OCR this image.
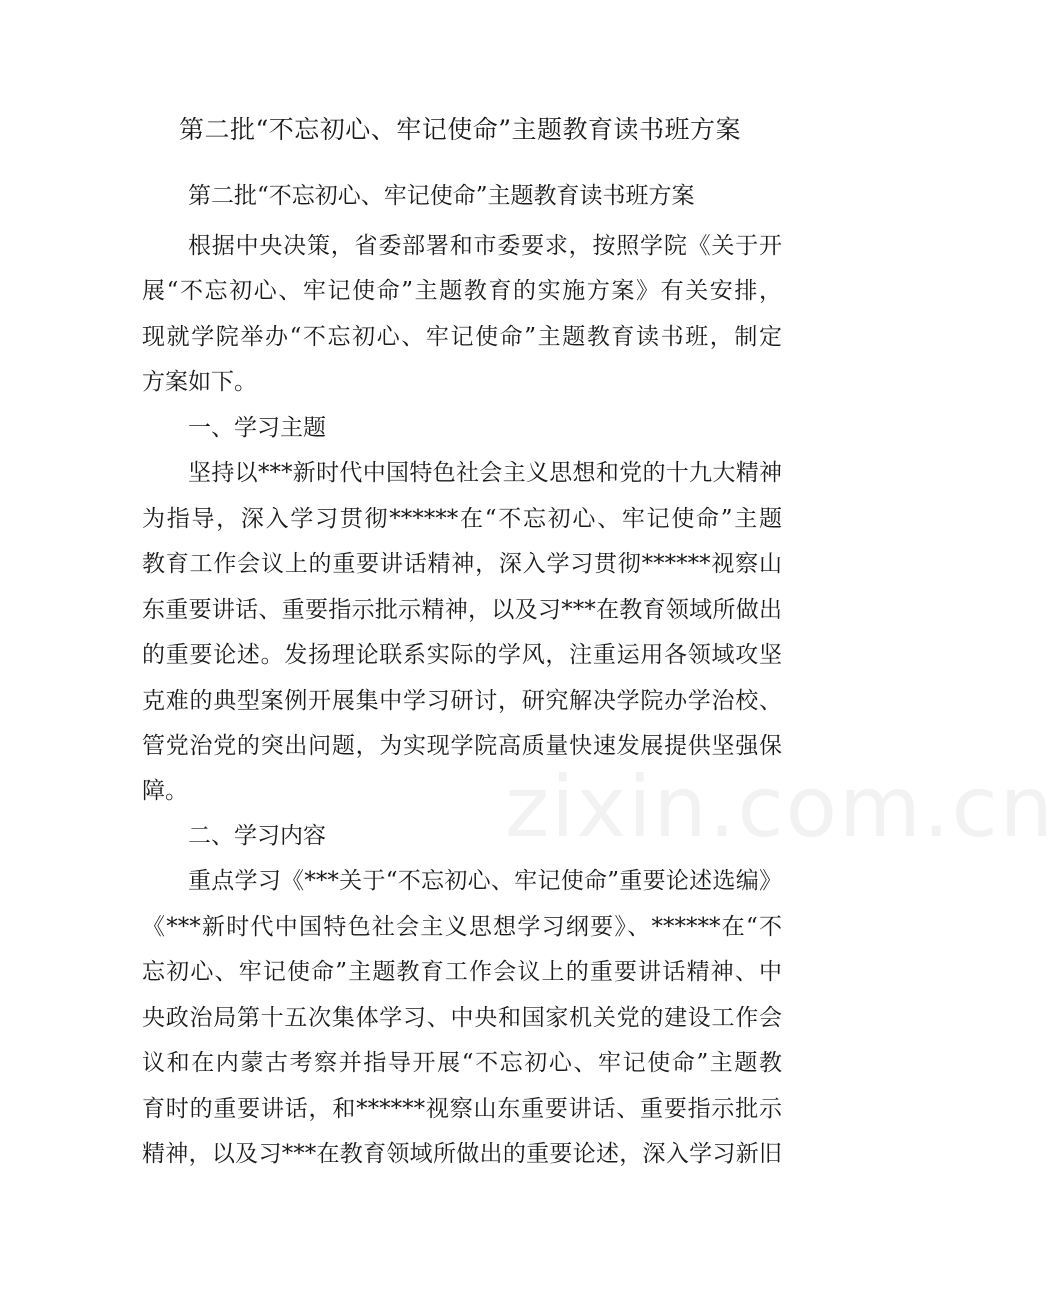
zixin.com.cn
第二批“不忘初心、牢记使命”主题教育读书班方案
第二批“不忘初心、牢记使命”主题教育读书班方案
根据中央决策，省委部署和市委要求，按照学院《关于开
展“不忘初心、牢记使命”主题教育的实施方案》有关安排，
现就学院举办“不忘初心、牢记使命”主题教育读书班，制定
方案如下。
一、学习主题
坚持以***新时代中国特色社会主义思想和党的十九大精神
为指导，深入学习贯彻******在“不忘初心、牢记使命”主题
教育工作会议上的重要讲话精神，深入学习贯彻******视察山
东重要讲话、重要指示批示精神，以及习***在教育领域所做出
的重要论述。发扬理论联系实际的学风，注重运用各领域攻坚
克难的典型案例开展集中学习研讨，研究解决学院办学治校、
管党治党的突出问题，为实现学院高质量快速发展提供坚强保
障。
二、学习内容
重点学习《***关于“不忘初心、牢记使命”重要论述选编》
《***新时代中国特色社会主义思想学习纲要》、******在“不
忘初心、牢记使命”主题教育工作会议上的重要讲话精神、中
央政治局第十五次集体学习、中央和国家机关党的建设工作会
议和在内蒙古考察并指导开展“不忘初心、牢记使命”主题教
育时的重要讲话，和******视察山东重要讲话、重要指示批示
精神，以及习***在教育领域所做出的重要论述，深入学习新旧
